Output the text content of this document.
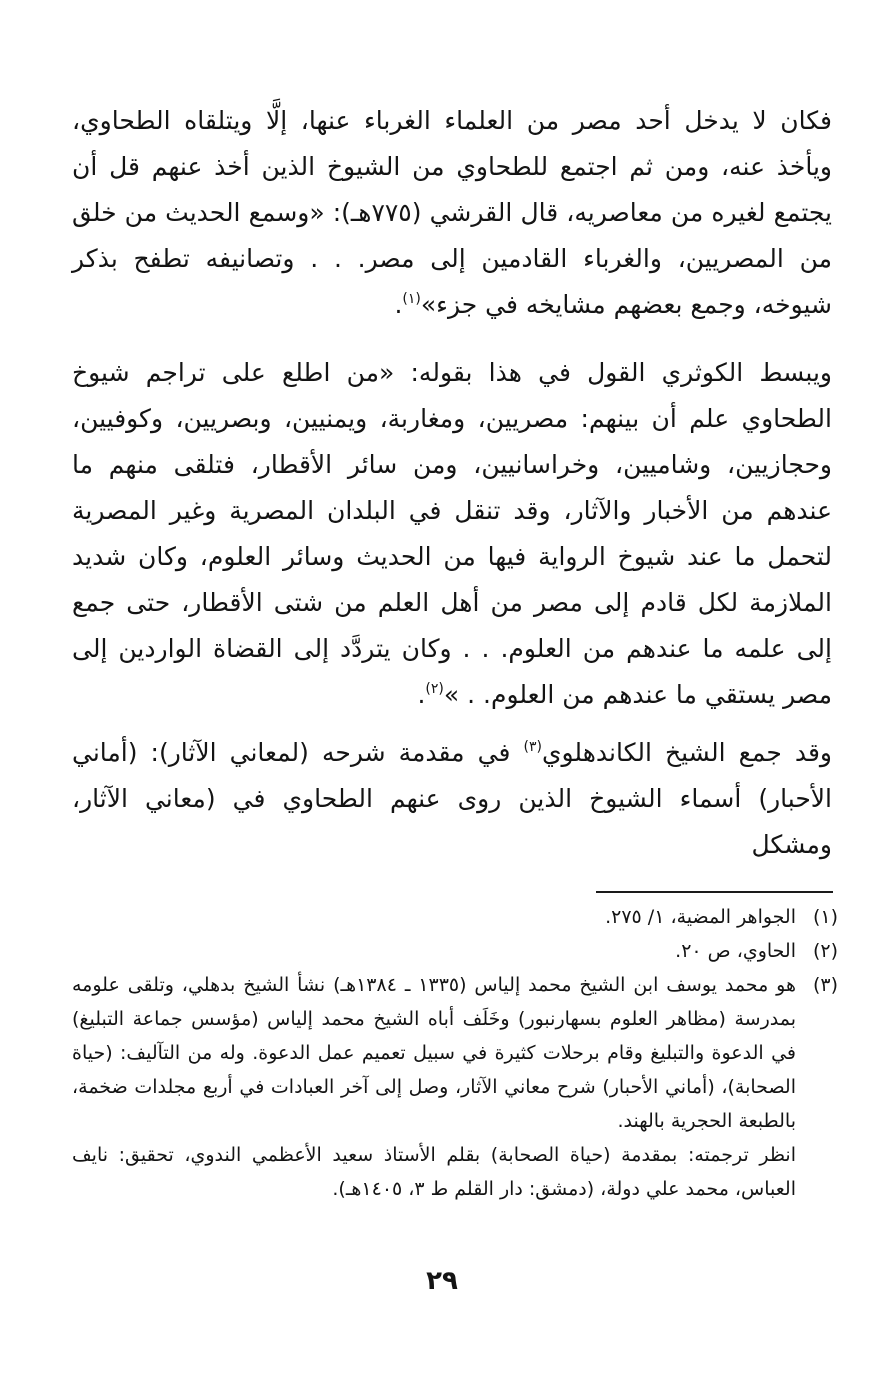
فكان لا يدخل أحد مصر من العلماء الغرباء عنها، إلَّا ويتلقاه الطحاوي، ويأخذ عنه، ومن ثم اجتمع للطحاوي من الشيوخ الذين أخذ عنهم قل أن يجتمع لغيره من معاصريه، قال القرشي (٧٧٥هـ): «وسمع الحديث من خلق من المصريين، والغرباء القادمين إلى مصر. . . وتصانيفه تطفح بذكر شيوخه، وجمع بعضهم مشايخه في جزء»$^{(١)}$.

ويبسط الكوثري القول في هذا بقوله: «من اطلع على تراجم شيوخ الطحاوي علم أن بينهم: مصريين، ومغاربة، ويمنيين، وبصريين، وكوفيين، وحجازيين، وشاميين، وخراسانيين، ومن سائر الأقطار، فتلقى منهم ما عندهم من الأخبار والآثار، وقد تنقل في البلدان المصرية وغير المصرية لتحمل ما عند شيوخ الرواية فيها من الحديث وسائر العلوم، وكان شديد الملازمة لكل قادم إلى مصر من أهل العلم من شتى الأقطار، حتى جمع إلى علمه ما عندهم من العلوم. . . وكان يتردَّد إلى القضاة الواردين إلى مصر يستقي ما عندهم من العلوم. . »$^{(٢)}$.

وقد جمع الشيخ الكاندهلوي$^{(٣)}$ في مقدمة شرحه (لمعاني الآثار): (أماني الأحبار) أسماء الشيوخ الذين روى عنهم الطحاوي في (معاني الآثار، ومشكل

(١)
الجواهر المضية، ١/ ٢٧٥.
(٢)
الحاوي، ص ٢٠.
(٣)
هو محمد يوسف ابن الشيخ محمد إلياس (١٣٣٥ ـ ١٣٨٤هـ) نشأ الشيخ بدهلي، وتلقى علومه بمدرسة (مظاهر العلوم بسهارنبور) وخَلَف أباه الشيخ محمد إلياس (مؤسس جماعة التبليغ) في الدعوة والتبليغ وقام برحلات كثيرة في سبيل تعميم عمل الدعوة. وله من التآليف: (حياة الصحابة)، (أماني الأحبار) شرح معاني الآثار، وصل إلى آخر العبادات في أربع مجلدات ضخمة، بالطبعة الحجرية بالهند.
انظر ترجمته: بمقدمة (حياة الصحابة) بقلم الأستاذ سعيد الأعظمي الندوي، تحقيق: نايف العباس، محمد علي دولة، (دمشق: دار القلم ط ٣، ١٤٠٥هـ).
٢٩
